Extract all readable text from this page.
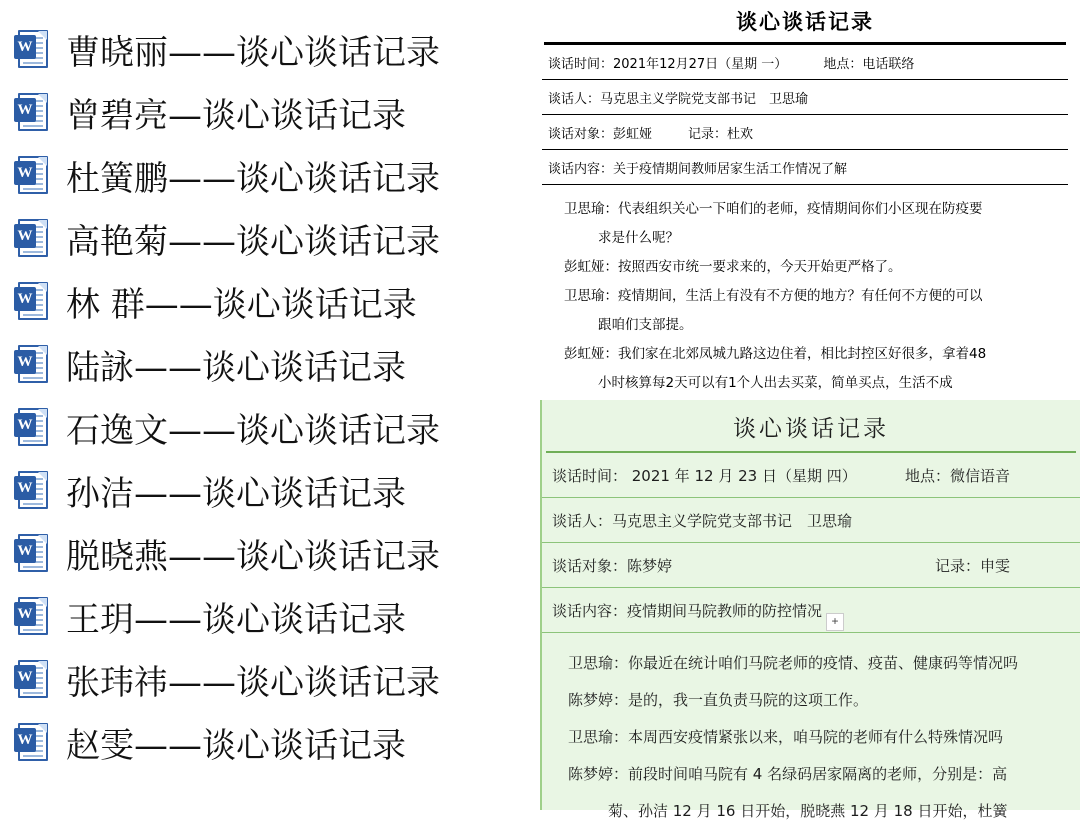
W 曹晓丽——谈心谈话记录
W 曾碧亮—谈心谈话记录
W 杜簧鹏——谈心谈话记录
W 高艳菊——谈心谈话记录
W 林 群——谈心谈话记录
W 陆詠——谈心谈话记录
W 石逸文——谈心谈话记录
W 孙洁——谈心谈话记录
W 脱晓燕——谈心谈话记录
W 王玥——谈心谈话记录
W 张玮祎——谈心谈话记录
W 赵雯——谈心谈话记录
谈心谈话记录
谈话时间：2021年12月27日（星期 一）	地点：电话联络
谈话人：马克思主义学院党支部书记　卫思瑜
谈话对象：彭虹娅	记录：杜欢
谈话内容：关于疫情期间教师居家生活工作情况了解
卫思瑜：代表组织关心一下咱们的老师，疫情期间你们小区现在防疫要
求是什么呢？
彭虹娅：按照西安市统一要求来的，今天开始更严格了。
卫思瑜：疫情期间，生活上有没有不方便的地方？有任何不方便的可以
跟咱们支部提。
彭虹娅：我们家在北郊凤城九路这边住着，相比封控区好很多，拿着48
小时核算每2天可以有1个人出去买菜，简单买点，生活不成
谈心谈话记录
谈话时间： 2021 年 12 月 23 日（星期 四）	地点：微信语音
谈话人：马克思主义学院党支部书记　卫思瑜
谈话对象：陈梦婷	记录：申雯
谈话内容：疫情期间马院教师的防控情况
卫思瑜：你最近在统计咱们马院老师的疫情、疫苗、健康码等情况吗
陈梦婷：是的，我一直负责马院的这项工作。
卫思瑜：本周西安疫情紧张以来，咱马院的老师有什么特殊情况吗
陈梦婷：前段时间咱马院有 4 名绿码居家隔离的老师，分别是：高
菊、孙洁 12 月 16 日开始，脱晓燕 12 月 18 日开始，杜簧
+
